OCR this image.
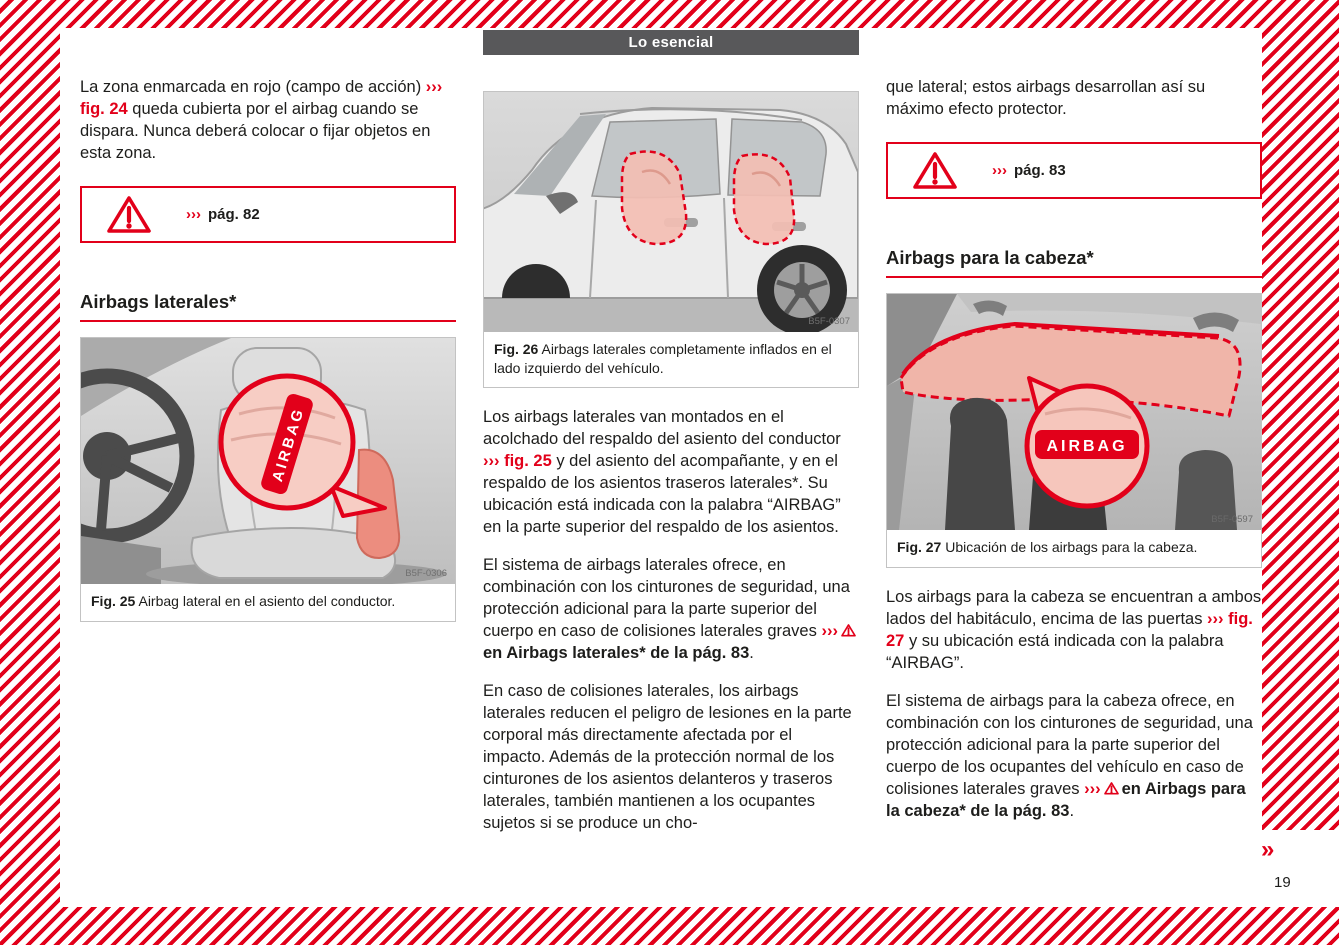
Lo esencial

La zona enmarcada en rojo (campo de acción) ››› fig. 24 queda cubierta por el airbag cuando se dispara. Nunca deberá colocar o fijar objetos en esta zona.

››› pág. 82
Airbags laterales*
AIRBAG
B5F-0306
Fig. 25 Airbag lateral en el asiento del conductor.
B5F-0307
Fig. 26 Airbags laterales completamente inflados en el lado izquierdo del vehículo.

Los airbags laterales van montados en el acolchado del respaldo del asiento del conductor ››› fig. 25 y del asiento del acompañante, y en el respaldo de los asientos traseros laterales*. Su ubicación está indicada con la palabra “AIRBAG” en la parte superior del respaldo de los asientos.

El sistema de airbags laterales ofrece, en combinación con los cinturones de seguridad, una protección adicional para la parte superior del cuerpo en caso de colisiones laterales graves ›››en Airbags laterales* de la pág. 83.

En caso de colisiones laterales, los airbags laterales reducen el peligro de lesiones en la parte corporal más directamente afectada por el impacto. Además de la protección normal de los cinturones de los asientos delanteros y traseros laterales, también mantienen a los ocupantes sujetos si se produce un cho-

que lateral; estos airbags desarrollan así su máximo efecto protector.

››› pág. 83
Airbags para la cabeza*
AIRBAG
B5F-0597
Fig. 27 Ubicación de los airbags para la cabeza.

Los airbags para la cabeza se encuentran a ambos lados del habitáculo, encima de las puertas ››› fig. 27 y su ubicación está indicada con la palabra “AIRBAG”.

El sistema de airbags para la cabeza ofrece, en combinación con los cinturones de seguridad, una protección adicional para la parte superior del cuerpo de los ocupantes del vehículo en caso de colisiones laterales graves ››› en Airbags para la cabeza* de la pág. 83.

»
19
